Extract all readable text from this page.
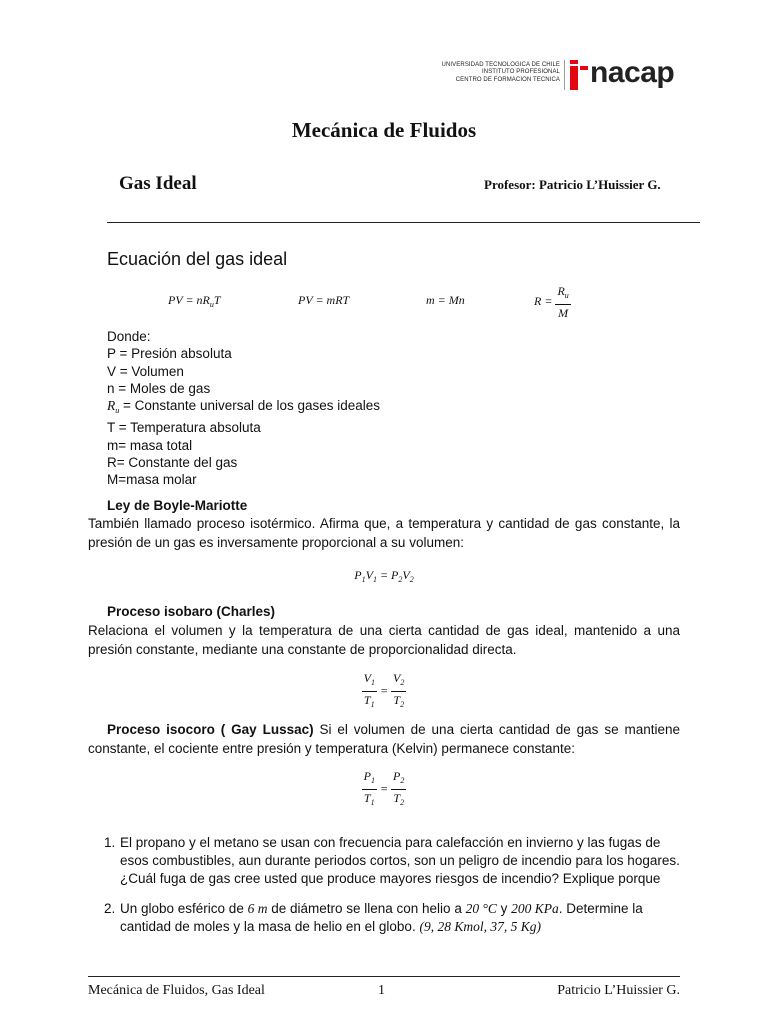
UNIVERSIDAD TECNOLOGICA DE CHILE
INSTITUTO PROFESIONAL
CENTRO DE FORMACION TECNICA nacap
Mecánica de Fluidos
Gas Ideal	Profesor: Patricio L’Huissier G.
Ecuación del gas ideal
PV = $nR_uT$	PV = mRT	m = Mn	$R = \frac{R_u}{M}$
Donde:
P = Presión absoluta
V = Volumen
n = Moles de gas
$R_u$ = Constante universal de los gases ideales
T = Temperatura absoluta
m= masa total
R= Constante del gas
M=masa molar
Ley de Boyle-Mariotte
También llamado proceso isotérmico. Afirma que, a temperatura y cantidad de gas constante, la presión de un gas es inversamente proporcional a su volumen:
$P_1V_1 = P_2V_2$
Proceso isobaro (Charles)
Relaciona el volumen y la temperatura de una cierta cantidad de gas ideal, mantenido a una presión constante, mediante una constante de proporcionalidad directa.
$\frac{V_1}{T_1} = \frac{V_2}{T_2}$
Proceso isocoro ( Gay Lussac) Si el volumen de una cierta cantidad de gas se mantiene constante, el cociente entre presión y temperatura (Kelvin) permanece constante:
$\frac{P_1}{T_1} = \frac{P_2}{T_2}$
1. El propano y el metano se usan con frecuencia para calefacción en invierno y las fugas de esos combustibles, aun durante periodos cortos, son un peligro de incendio para los hogares. ¿Cuál fuga de gas cree usted que produce mayores riesgos de incendio? Explique porque
2. Un globo esférico de 6 m de diámetro se llena con helio a 20 °C y 200 KPa. Determine la cantidad de moles y la masa de helio en el globo. (9, 28 Kmol, 37, 5 Kg)
Mecánica de Fluidos, Gas Ideal	1	Patricio L’Huissier G.
